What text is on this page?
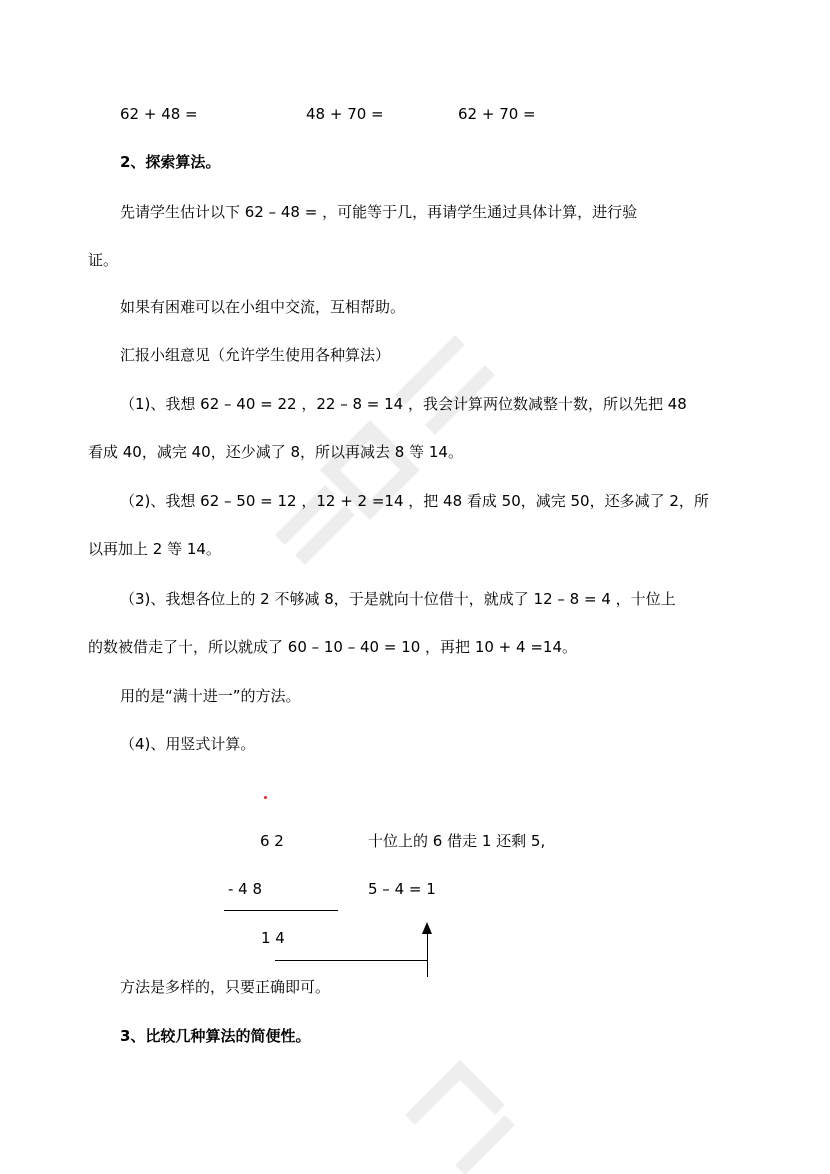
62 + 48 =	48 + 70 =	62 + 70 =
2、探索算法。
先请学生估计以下 62 – 48 = ，可能等于几，再请学生通过具体计算，进行验
证。
如果有困难可以在小组中交流，互相帮助。
汇报小组意见（允许学生使用各种算法）
（1)、我想 62 – 40 = 22 ，22 – 8 = 14 ，我会计算两位数减整十数，所以先把 48
看成 40，减完 40，还少减了 8，所以再减去 8 等 14。
（2)、我想 62 – 50 = 12 ，12 + 2 =14 ，把 48 看成 50，减完 50，还多减了 2，所
以再加上 2 等 14。
（3)、我想各位上的 2 不够减 8，于是就向十位借十，就成了 12 – 8 = 4 ，十位上
的数被借走了十，所以就成了 60 – 10 – 40 = 10 ，再把 10 + 4 =14。
用的是“满十进一”的方法。
（4)、用竖式计算。
6 2	十位上的 6 借走 1 还剩 5,
- 4 8	5 – 4 = 1
1 4
方法是多样的，只要正确即可。
3、比较几种算法的简便性。
